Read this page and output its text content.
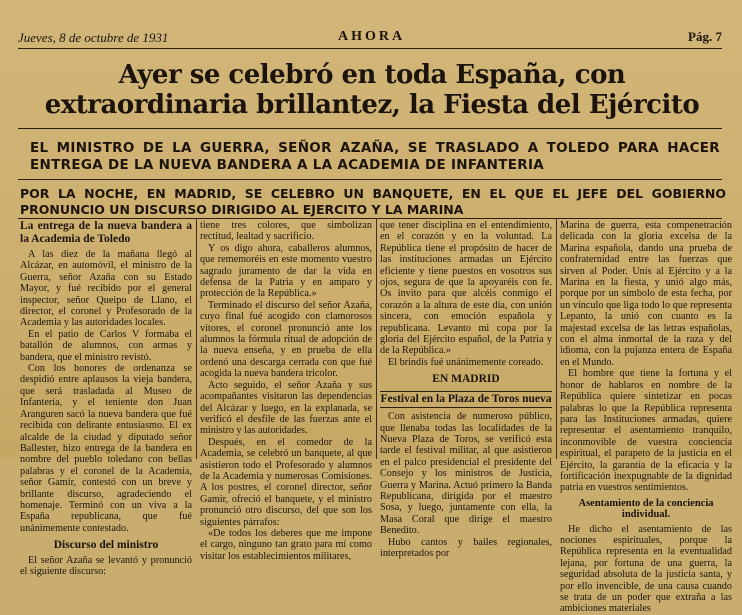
Jueves, 8 de octubre de 1931	AHORA	Pág. 7
Ayer se celebró en toda España, con extraordinaria brillantez, la Fiesta del Ejército
EL MINISTRO DE LA GUERRA, SEÑOR AZAÑA, SE TRASLADO A TOLEDO PARA HACER ENTREGA DE LA NUEVA BANDERA A LA ACADEMIA DE INFANTERIA
POR LA NOCHE, EN MADRID, SE CELEBRO UN BANQUETE, EN EL QUE EL JEFE DEL GOBIERNO PRONUNCIO UN DISCURSO DIRIGIDO AL EJERCITO Y LA MARINA
La entrega de la nueva bandera a la Academia de Toledo

A las diez de la mañana llegó al Alcázar, en automóvil, el ministro de la Guerra, señor Azaña con su Estado Mayor, y fué recibido por el general inspector, señor Queipo de Llano, el director, el coronel y Profesorado de la Academia y las autoridades locales.

En el patio de Carlos V formaba el batallón de alumnos, con armas y bandera, que el ministro revistó.

Con los honores de ordenanza se despidió entre aplausos la vieja bandera, que será trasladada al Museo de Infantería, y el teniente don Juan Aranguren sacó la nueva bandera que fué recibida con delirante entusiasmo. El ex alcalde de la ciudad y diputado señor Ballester, hizo entrega de la bandera en nombre del pueblo toledano con bellas palabras y el coronel de la Academia, señor Gamir, contestó con un breve y brillante discurso, agradeciendo el homenaje. Terminó con un viva a la España republicana, que fué unánimemente contestado.

Discurso del ministro

El señor Azaña se levantó y pronunció el siguiente discurso:

tiene tres colores, que simbolizan rectitud, lealtad y sacrificio.

Y os digo ahora, caballeros alumnos, que rememoréis en este momento vuestro sagrado juramento de dar la vida en defensa de la Patria y en amparo y protección de la República.»

Terminado el discurso del señor Azaña, cuyo final fué acogido con clamorosos vítores, el coronel pronunció ante los alumnos la fórmula ritual de adopción de la nueva enseña, y en prueba de ella ordenó una descarga cerrada con que fué acogida la nueva bandera tricolor.

Acto seguido, el señor Azaña y sus acompañantes visitaron las dependencias del Alcázar y luego, en la explanada, se verificó el desfile de las fuerzas ante el ministro y las autoridades.

Después, en el comedor de la Academia, se celebró un banquete, al que asistieron todo el Profesorado y alumnos de la Academia y numerosas Comisiones. A los postres, el coronel director, señor Gamir, ofreció el banquete, y el ministro pronunció otro discurso, del que son los siguientes párrafos:

«De todos los deberes que me impone el cargo, ninguno tan grato para mí como visitar los establecimientos militares,

que tener disciplina en el entendimiento, en el corazón y en la voluntad. La República tiene el propósito de hacer de las instituciones armadas un Ejército eficiente y tiene puestos en vosotros sus ojos, segura de que la apoyaréis con fe. Os invito para que alcéis conmigo el corazón a la altura de este día, con unión sincera, con emoción española y republicana. Levanto mi copa por la gloria del Ejército español, de la Patria y de la República.»

El brindis fué unánimemente coreado.

EN MADRID
Festival en la Plaza de Toros nueva

Con asistencia de numeroso público, que llenaba todas las localidades de la Nueva Plaza de Toros, se verificó esta tarde el festival militar, al que asistieron en el palco presidencial el presidente del Consejo y los ministros de Justicia, Guerra y Marina. Actuó primero la Banda Republicana, dirigida por el maestro Sosa, y luego, juntamente con ella, la Masa Coral que dirige el maestro Benedito.

Hubo cantos y bailes regionales, interpretados por

Marina de guerra, esta compenetración delicada con la gloria excelsa de la Marina española, dando una prueba de confraternidad entre las fuerzas que sirven al Poder. Unís al Ejército y a la Marina en la fiesta, y unió algo más, porque por un símbolo de esta fecha, por un vínculo que liga todo lo que representa Lepanto, la unió con cuanto es la majestad excelsa de las letras españolas, con el alma inmortal de la raza y del idioma, con la pujanza entera de España en el Mundo.

El hombre que tiene la fortuna y el honor de hablaros en nombre de la República quiere sintetizar en pocas palabras lo que la República representa para las Instituciones armadas, quiere representar el asentamiento tranquilo, inconmovible de vuestra conciencia espiritual, el parapeto de la justicia en el Ejército, la garantía de la eficacia y la fortificación inexpugnable de la dignidad patria en vuestros sentimientos.

Asentamiento de la conciencia individual.

He dicho el asentamiento de las nociones espirituales, porque la República representa en la eventualidad lejana, por fortuna de una guerra, la seguridad absoluta de la justicia santa, y por ello invencible, de una causa cuando se trata de un poder que extraña a las ambiciones materiales
